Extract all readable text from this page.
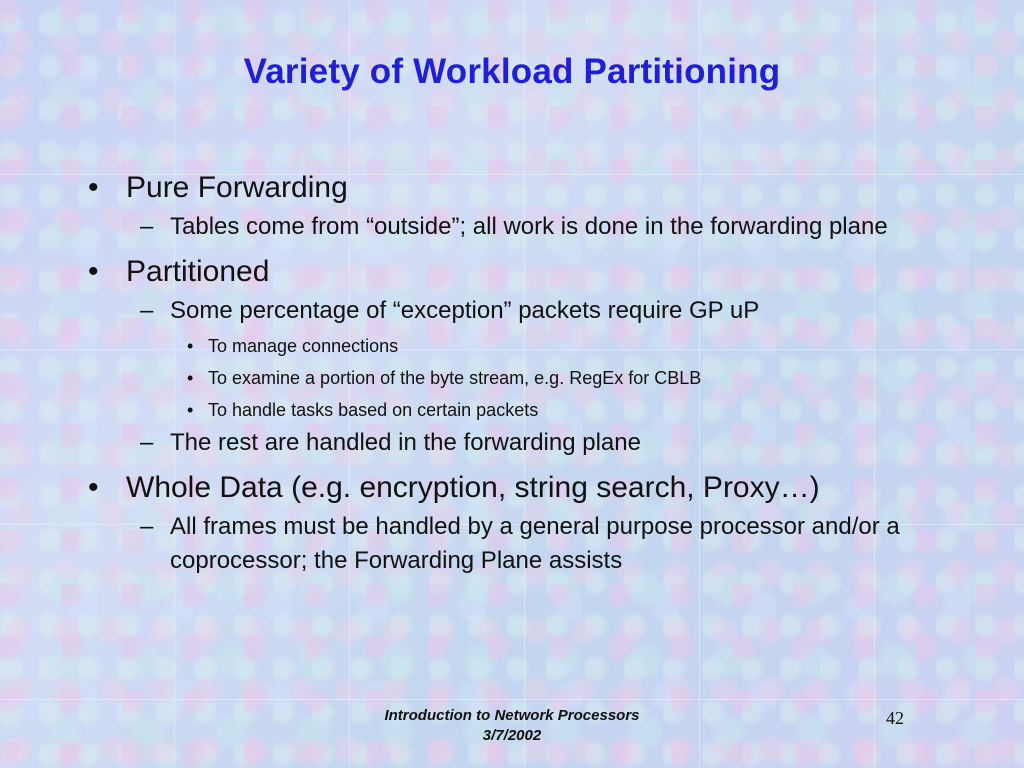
Variety of Workload Partitioning
• Pure Forwarding
– Tables come from “outside”; all work is done in the forwarding plane
• Partitioned
– Some percentage of “exception” packets require GP uP
• To manage connections
• To examine a portion of the byte stream, e.g. RegEx for CBLB
• To handle tasks based on certain packets
– The rest are handled in the forwarding plane
• Whole Data (e.g. encryption, string search, Proxy…)
– All frames must be handled by a general purpose processor and/or a coprocessor; the Forwarding Plane assists
Introduction to Network Processors
3/7/2002
42
